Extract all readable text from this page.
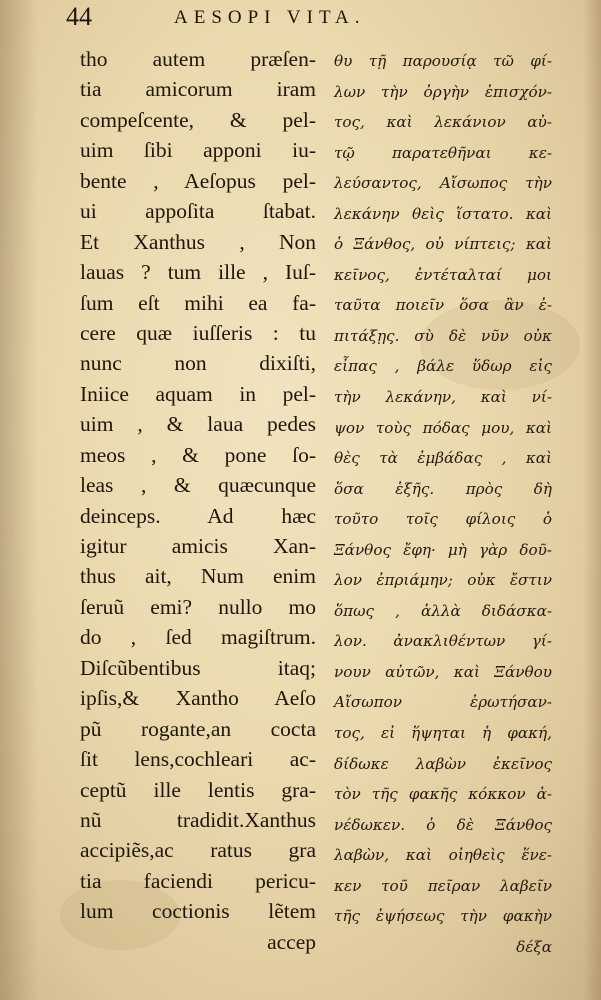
44	AESOPI VITA.
tho autem præſen-
tia amicorum iram
compeſcente, & pel-
uim ſibi apponi iu-
bente , Aeſopus pel-
ui appoſita ſtabat.
Et Xanthus , Non
lauas ? tum ille , Iuſ-
ſum eſt mihi ea fa-
cere quæ iuſſeris : tu
nunc non dixiſti,
Iniice aquam in pel-
uim , & laua pedes
meos , & pone ſo-
leas , & quæcunque
deinceps. Ad hæc
igitur amicis Xan-
thus ait, Num enim
ſeruũ emi? nullo mo
do , ſed magiſtrum.
Diſcũbentibus itaq;
ipſis,& Xantho Aeſo
pũ rogante,an cocta
ſit lens,cochleari ac-
ceptũ ille lentis gra-
nũ tradidit.Xanthus
accipiẽs,ac ratus gra
tia faciendi pericu-
lum coctionis lẽtem
accep
θυ τῇ παρουσίᾳ τῶ φί-
λων τὴν ὀργὴν ἐπισχόν-
τος, καὶ λεκάνιον αὐ-
τῷ παρατεθῆναι κε-
λεύσαντος, Αἴσωπος τὴν
λεκάνην θεὶς ἵστατο. καὶ
ὁ Ξάνθος, οὐ νίπτεις; καὶ
κεῖνος, ἐντέταλταί μοι
ταῦτα ποιεῖν ὅσα ἂν ἐ-
πιτάξῃς. σὺ δὲ νῦν οὐκ
εἶπας , βάλε ὕδωρ εἰς
τὴν λεκάνην, καὶ νί-
ψον τοὺς πόδας μου, καὶ
θὲς τὰ ἐμβάδας , καὶ
ὅσα ἑξῆς. πρὸς δὴ
τοῦτο τοῖς φίλοις ὁ
Ξάνθος ἔφη· μὴ γὰρ δοῦ-
λον ἐπριάμην; οὐκ ἔστιν
ὅπως , ἀλλὰ διδάσκα-
λον. ἀνακλιθέντων γί-
νουν αὐτῶν, καὶ Ξάνθου
Αἴσωπον ἐρωτήσαν-
τος, εἰ ἥψηται ἡ φακή,
δίδωκε λαβὼν ἐκεῖνος
τὸν τῆς φακῆς κόκκον ἀ-
νέδωκεν. ὁ δὲ Ξάνθος
λαβὼν, καὶ οἰηθεὶς ἕνε-
κεν τοῦ πεῖραν λαβεῖν
τῆς ἑψήσεως τὴν φακὴν
δέξα
